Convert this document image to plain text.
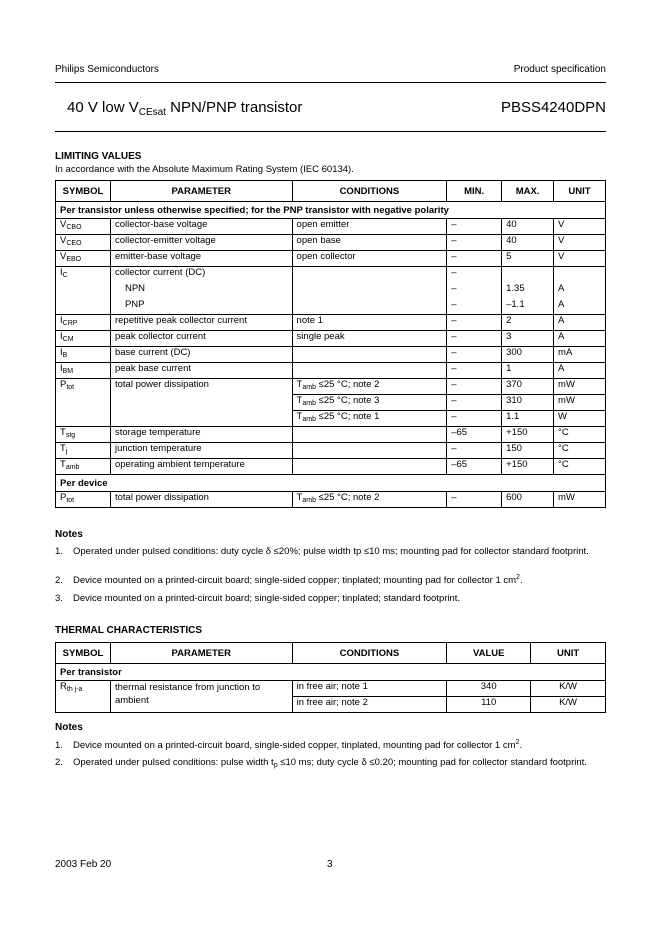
Philips Semiconductors	Product specification
40 V low $V_{CEsat}$ NPN/PNP transistor	PBSS4240DPN
LIMITING VALUES
In accordance with the Absolute Maximum Rating System (IEC 60134).
SYMBOL	PARAMETER	CONDITIONS	MIN.	MAX.	UNIT
Per transistor unless otherwise specified; for the PNP transistor with negative polarity					
$V_{CBO}$	collector-base voltage	open emitter	–	40	V
$V_{CEO}$	collector-emitter voltage	open base	–	40	V
$V_{EBO}$	emitter-base voltage	open collector	–	5	V
$I_C$	collector current (DC)		–		
	NPN		–	1.35	A
	PNP		–	–1.1	A
$I_{CRP}$	repetitive peak collector current	note 1	–	2	A
$I_{CM}$	peak collector current	single peak	–	3	A
$I_B$	base current (DC)		–	300	mA
$I_{BM}$	peak base current		–	1	A
$P_{tot}$	total power dissipation	$T_{amb} \le 25$ °C; note 2	–	370	mW
		$T_{amb} \le 25$ °C; note 3	–	310	mW
		$T_{amb} \le 25$ °C; note 1	–	1.1	W
$T_{stg}$	storage temperature		–65	+150	°C
$T_j$	junction temperature		–	150	°C
$T_{amb}$	operating ambient temperature		–65	+150	°C
Per device					
$P_{tot}$	total power dissipation	$T_{amb} \le 25$ °C; note 2	–	600	mW
Notes
1. Operated under pulsed conditions: duty cycle δ ≤20%; pulse width tp ≤10 ms; mounting pad for collector standard footprint.
2. Device mounted on a printed-circuit board; single-sided copper; tinplated; mounting pad for collector 1 $cm^2$.
3. Device mounted on a printed-circuit board; single-sided copper; tinplated; standard footprint.
THERMAL CHARACTERISTICS
SYMBOL	PARAMETER	CONDITIONS	VALUE	UNIT
Per transistor				
$R_{th j-a}$	thermal resistance from junction to ambient	in free air; note 1	340	K/W
		in free air; note 2	110	K/W
Notes
1. Device mounted on a printed-circuit board, single-sided copper, tinplated, mounting pad for collector 1 $cm^2$.
2. Operated under pulsed conditions: pulse width $t_p \le 10$ ms; duty cycle δ ≤0.20; mounting pad for collector standard footprint.
2003 Feb 20	3
